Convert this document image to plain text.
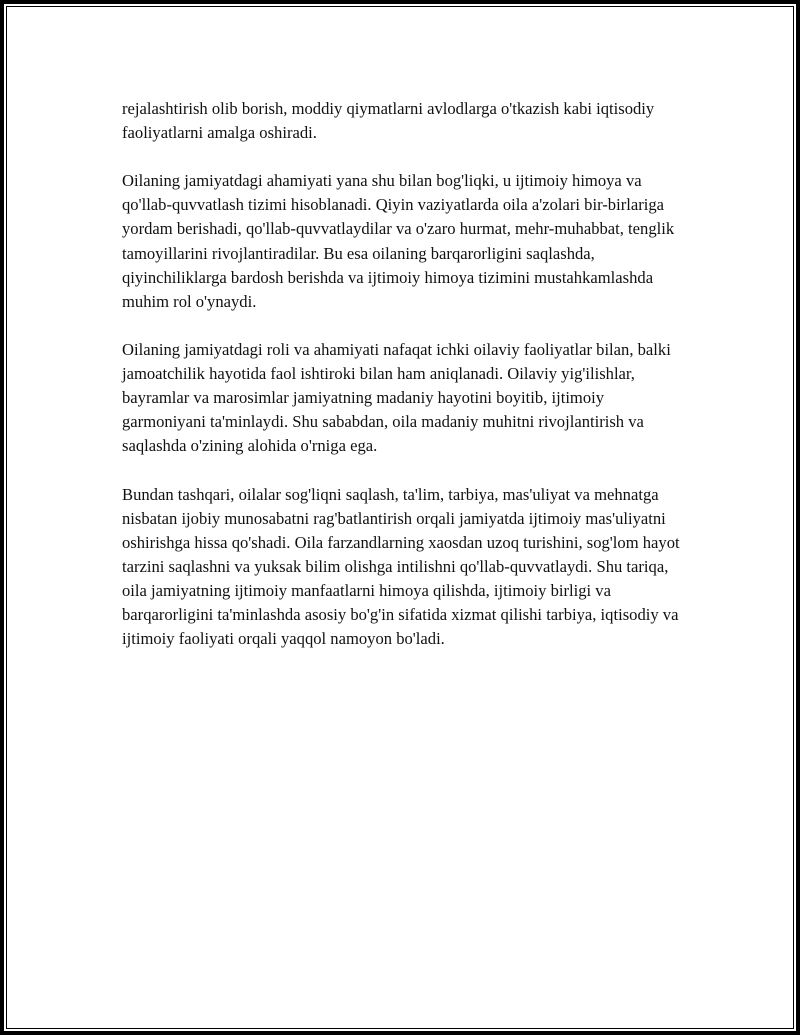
rejalashtirish olib borish, moddiy qiymatlarni avlodlarga o'tkazish kabi iqtisodiy faoliyatlarni amalga oshiradi.

Oilaning jamiyatdagi ahamiyati yana shu bilan bog'liqki, u ijtimoiy himoya va qo'llab-quvvatlash tizimi hisoblanadi. Qiyin vaziyatlarda oila a'zolari bir-birlariga yordam berishadi, qo'llab-quvvatlaydilar va o'zaro hurmat, mehr-muhabbat, tenglik tamoyillarini rivojlantiradilar. Bu esa oilaning barqarorligini saqlashda, qiyinchiliklarga bardosh berishda va ijtimoiy himoya tizimini mustahkamlashda muhim rol o'ynaydi.

Oilaning jamiyatdagi roli va ahamiyati nafaqat ichki oilaviy faoliyatlar bilan, balki jamoatchilik hayotida faol ishtiroki bilan ham aniqlanadi. Oilaviy yig'ilishlar, bayramlar va marosimlar jamiyatning madaniy hayotini boyitib, ijtimoiy garmoniyani ta'minlaydi. Shu sababdan, oila madaniy muhitni rivojlantirish va saqlashda o'zining alohida o'rniga ega.

Bundan tashqari, oilalar sog'liqni saqlash, ta'lim, tarbiya, mas'uliyat va mehnatga nisbatan ijobiy munosabatni rag'batlantirish orqali jamiyatda ijtimoiy mas'uliyatni oshirishga hissa qo'shadi. Oila farzandlarning xaosdan uzoq turishini, sog'lom hayot tarzini saqlashni va yuksak bilim olishga intilishni qo'llab-quvvatlaydi. Shu tariqa, oila jamiyatning ijtimoiy manfaatlarni himoya qilishda, ijtimoiy birligi va barqarorligini ta'minlashda asosiy bo'g'in sifatida xizmat qilishi tarbiya, iqtisodiy va ijtimoiy faoliyati orqali yaqqol namoyon bo'ladi.
